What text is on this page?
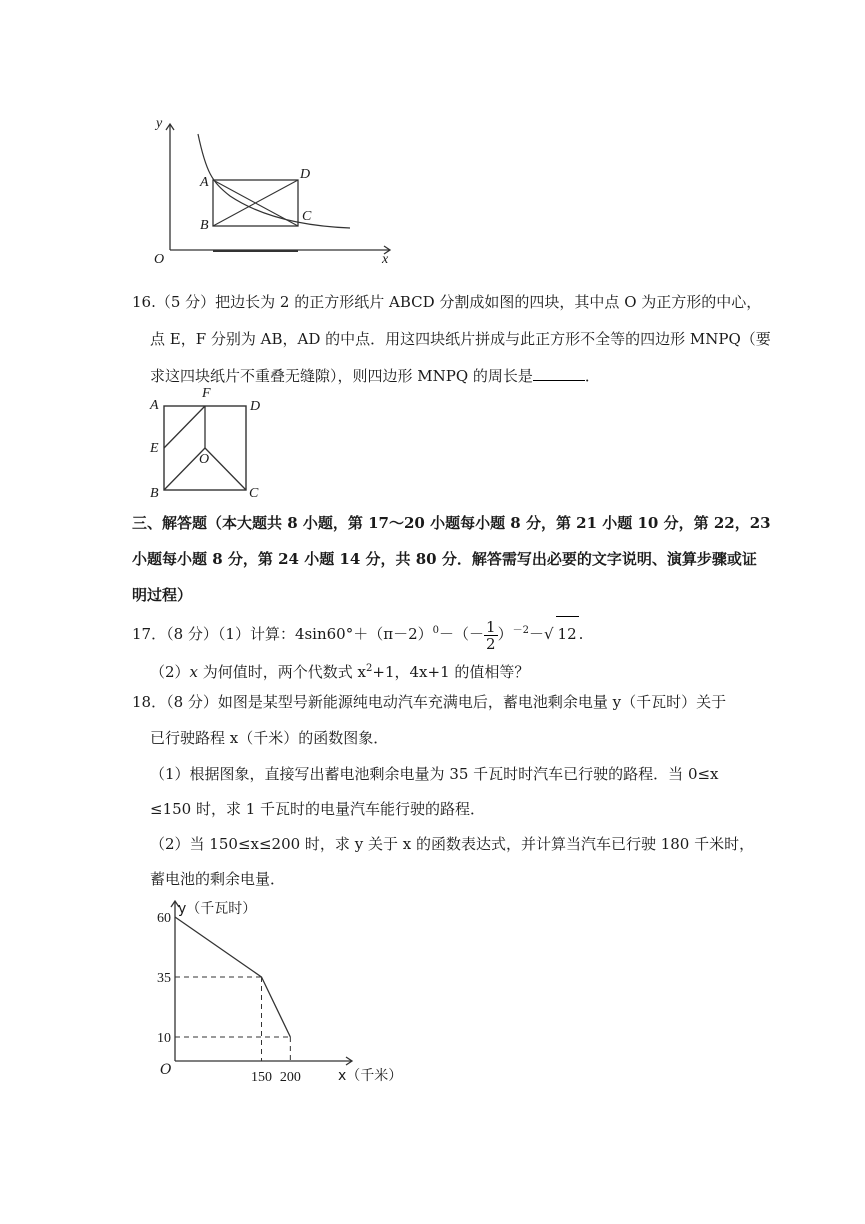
y
x
O
A
B
C
D
16.（5 分）把边长为 2 的正方形纸片 ABCD 分割成如图的四块，其中点 O 为正方形的中心，
点 E，F 分别为 AB，AD 的中点．用这四块纸片拼成与此正方形不全等的四边形 MNPQ（要
求这四块纸片不重叠无缝隙），则四边形 MNPQ 的周长是	．
A
F
D
E
O
B	C
三、解答题（本大题共 8 小题，第 17～20 小题每小题 8 分，第 21 小题 10 分，第 22，23
小题每小题 8 分，第 24 小题 14 分，共 80 分．解答需写出必要的文字说明、演算步骤或证
明过程）
17．（8 分）（1）计算：$4\sin 60^\circ+(\pi-2)^0-(- \frac{1}{2} )^{-2}-√$ 12 .
（2）x 为何值时，两个代数式 $x^2+1$，4x+1 的值相等？
18．（8 分）如图是某型号新能源纯电动汽车充满电后，蓄电池剩余电量 y（千瓦时）关于
已行驶路程 x（千米）的函数图象．
（1）根据图象，直接写出蓄电池剩余电量为 35 千瓦时时汽车已行驶的路程．当 0≤x
≤150 时，求 1 千瓦时的电量汽车能行驶的路程．
（2）当 150≤x≤200 时，求 y 关于 x 的函数表达式，并计算当汽车已行驶 180 千米时，
蓄电池的剩余电量．
60
35
10
150 200
y（千瓦时）
O	x（千米）
